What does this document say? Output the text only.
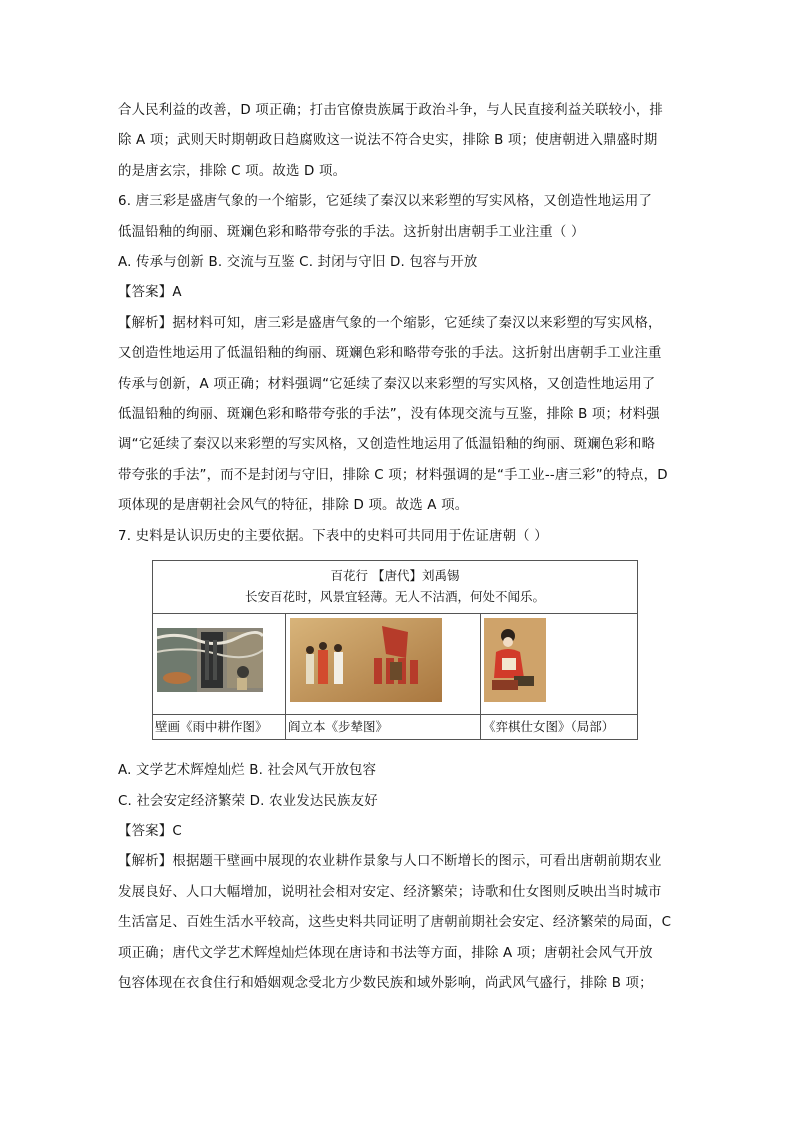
合人民利益的改善，D 项正确；打击官僚贵族属于政治斗争，与人民直接利益关联较小，排

除 A 项；武则天时期朝政日趋腐败这一说法不符合史实，排除 B 项；使唐朝进入鼎盛时期

的是唐玄宗，排除 C 项。故选 D 项。

6. 唐三彩是盛唐气象的一个缩影，它延续了秦汉以来彩塑的写实风格，又创造性地运用了

低温铅釉的绚丽、斑斓色彩和略带夸张的手法。这折射出唐朝手工业注重（ ）

A. 传承与创新 B. 交流与互鉴 C. 封闭与守旧 D. 包容与开放

【答案】A

【解析】据材料可知，唐三彩是盛唐气象的一个缩影，它延续了秦汉以来彩塑的写实风格，

又创造性地运用了低温铅釉的绚丽、斑斓色彩和略带夸张的手法。这折射出唐朝手工业注重

传承与创新，A 项正确；材料强调“它延续了秦汉以来彩塑的写实风格，又创造性地运用了

低温铅釉的绚丽、斑斓色彩和略带夸张的手法”，没有体现交流与互鉴，排除 B 项；材料强

调“它延续了秦汉以来彩塑的写实风格，又创造性地运用了低温铅釉的绚丽、斑斓色彩和略

带夸张的手法”，而不是封闭与守旧，排除 C 项；材料强调的是“手工业--唐三彩”的特点，D

项体现的是唐朝社会风气的特征，排除 D 项。故选 A 项。

7. 史料是认识历史的主要依据。下表中的史料可共同用于佐证唐朝（ ）

百花行 【唐代】刘禹锡
长安百花时，风景宜轻薄。无人不沽酒，何处不闻乐。		

壁画《雨中耕作图》	阎立本《步辇图》	《弈棋仕女图》（局部）

A. 文学艺术辉煌灿烂 B. 社会风气开放包容

C. 社会安定经济繁荣 D. 农业发达民族友好

【答案】C

【解析】根据题干壁画中展现的农业耕作景象与人口不断增长的图示，可看出唐朝前期农业

发展良好、人口大幅增加，说明社会相对安定、经济繁荣；诗歌和仕女图则反映出当时城市

生活富足、百姓生活水平较高，这些史料共同证明了唐朝前期社会安定、经济繁荣的局面，C

项正确；唐代文学艺术辉煌灿烂体现在唐诗和书法等方面，排除 A 项；唐朝社会风气开放

包容体现在衣食住行和婚姻观念受北方少数民族和域外影响，尚武风气盛行，排除 B 项；
